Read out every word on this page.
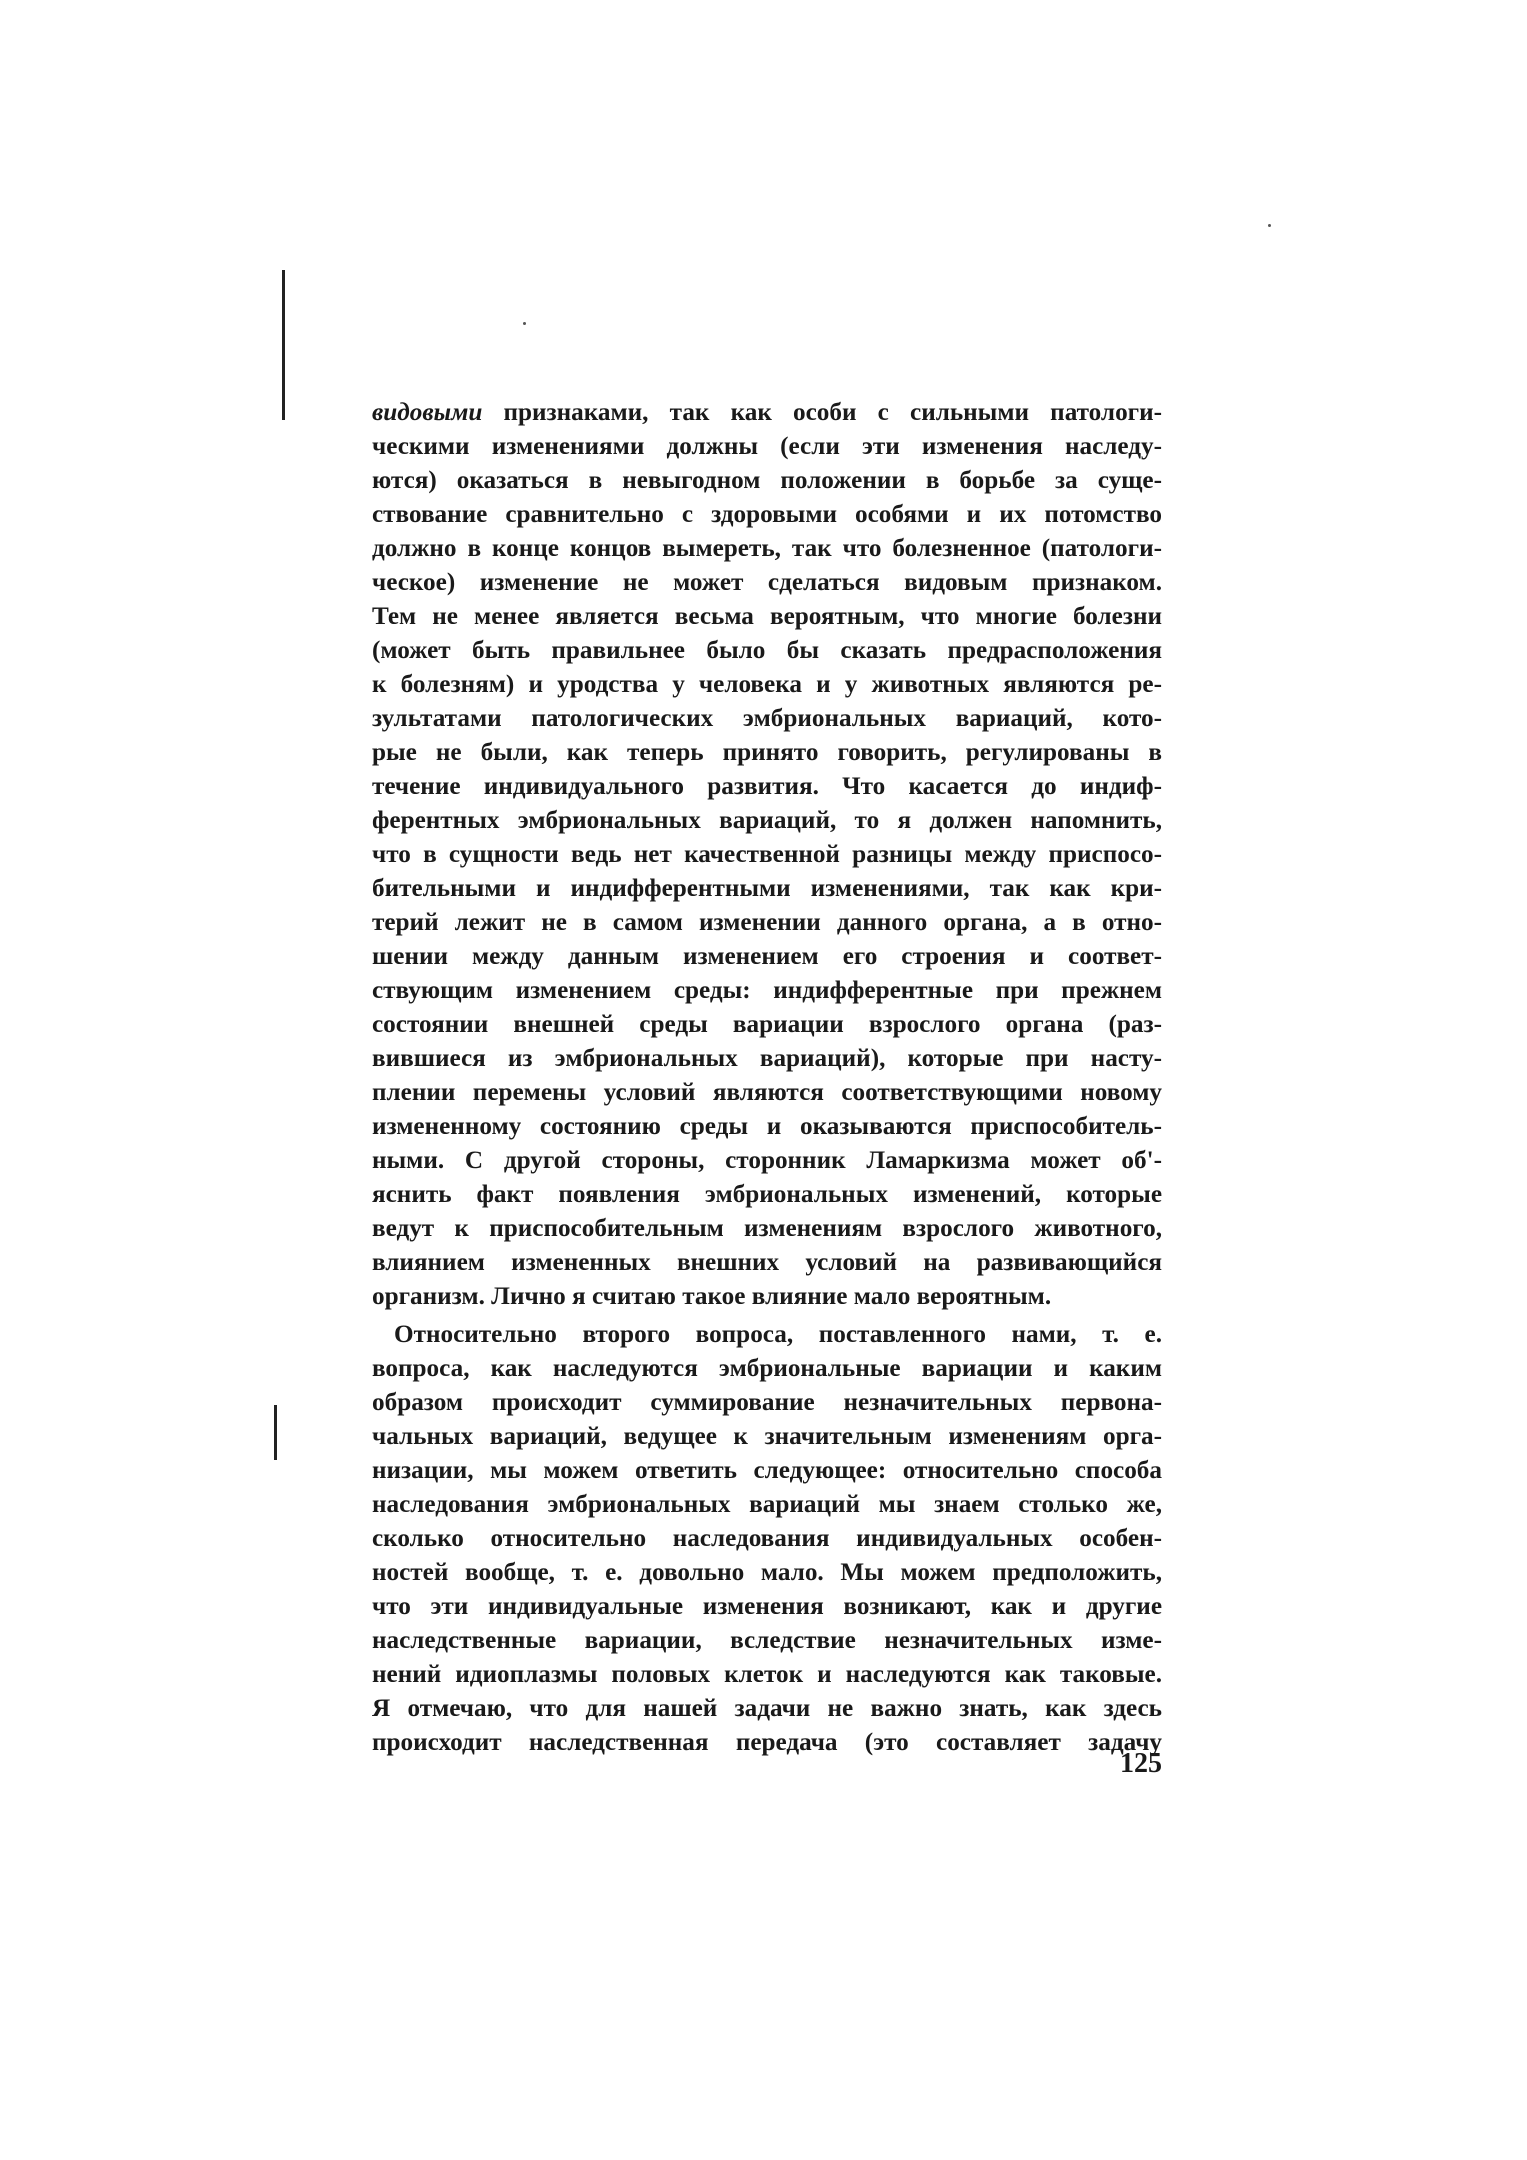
видовыми признаками, так как особи с сильными патологи-
ческими изменениями должны (если эти изменения наследу-
ются) оказаться в невыгодном положении в борьбе за суще-
ствование сравнительно с здоровыми особями и их потомство
должно в конце концов вымереть, так что болезненное (патологи-
ческое) изменение не может сделаться видовым признаком.
Тем не менее является весьма вероятным, что многие болезни
(может быть правильнее было бы сказать предрасположения
к болезням) и уродства у человека и у животных являются ре-
зультатами патологических эмбриональных вариаций, кото-
рые не были, как теперь принято говорить, регулированы в
течение индивидуального развития. Что касается до индиф-
ферентных эмбриональных вариаций, то я должен напомнить,
что в сущности ведь нет качественной разницы между приспосо-
бительными и индифферентными изменениями, так как кри-
терий лежит не в самом изменении данного органа, а в отно-
шении между данным изменением его строения и соответ-
ствующим изменением среды: индифферентные при прежнем
состоянии внешней среды вариации взрослого органа (раз-
вившиеся из эмбриональных вариаций), которые при насту-
плении перемены условий являются соответствующими новому
измененному состоянию среды и оказываются приспособитель-
ными. С другой стороны, сторонник Ламаркизма может об'-
яснить факт появления эмбриональных изменений, которые
ведут к приспособительным изменениям взрослого животного,
влиянием измененных внешних условий на развивающийся
организм. Лично я считаю такое влияние мало вероятным.
Относительно второго вопроса, поставленного нами, т. е.
вопроса, как наследуются эмбриональные вариации и каким
образом происходит суммирование незначительных первона-
чальных вариаций, ведущее к значительным изменениям орга-
низации, мы можем ответить следующее: относительно способа
наследования эмбриональных вариаций мы знаем столько же,
сколько относительно наследования индивидуальных особен-
ностей вообще, т. е. довольно мало. Мы можем предположить,
что эти индивидуальные изменения возникают, как и другие
наследственные вариации, вследствие незначительных изме-
нений идиоплазмы половых клеток и наследуются как таковые.
Я отмечаю, что для нашей задачи не важно знать, как здесь
происходит наследственная передача (это составляет задачу
125
